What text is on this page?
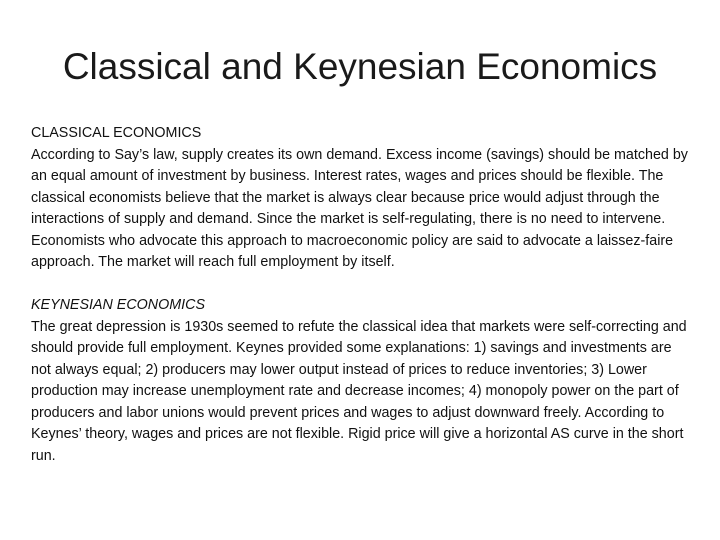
Classical and Keynesian Economics

CLASSICAL ECONOMICS

According to Say’s law, supply creates its own demand. Excess income (savings) should be matched by an equal amount of investment by business. Interest rates, wages and prices should be flexible. The classical economists believe that the market is always clear because price would adjust through the interactions of supply and demand. Since the market is self-regulating, there is no need to intervene. Economists who advocate this approach to macroeconomic policy are said to advocate a laissez-faire approach. The market will reach full employment by itself.

KEYNESIAN ECONOMICS

The great depression is 1930s seemed to refute the classical idea that markets were self-correcting and should provide full employment. Keynes provided some explanations: 1) savings and investments are not always equal; 2) producers may lower output instead of prices to reduce inventories; 3) Lower production may increase unemployment rate and decrease incomes; 4) monopoly power on the part of producers and labor unions would prevent prices and wages to adjust downward freely. According to Keynes’ theory, wages and prices are not flexible. Rigid price will give a horizontal AS curve in the short run.
